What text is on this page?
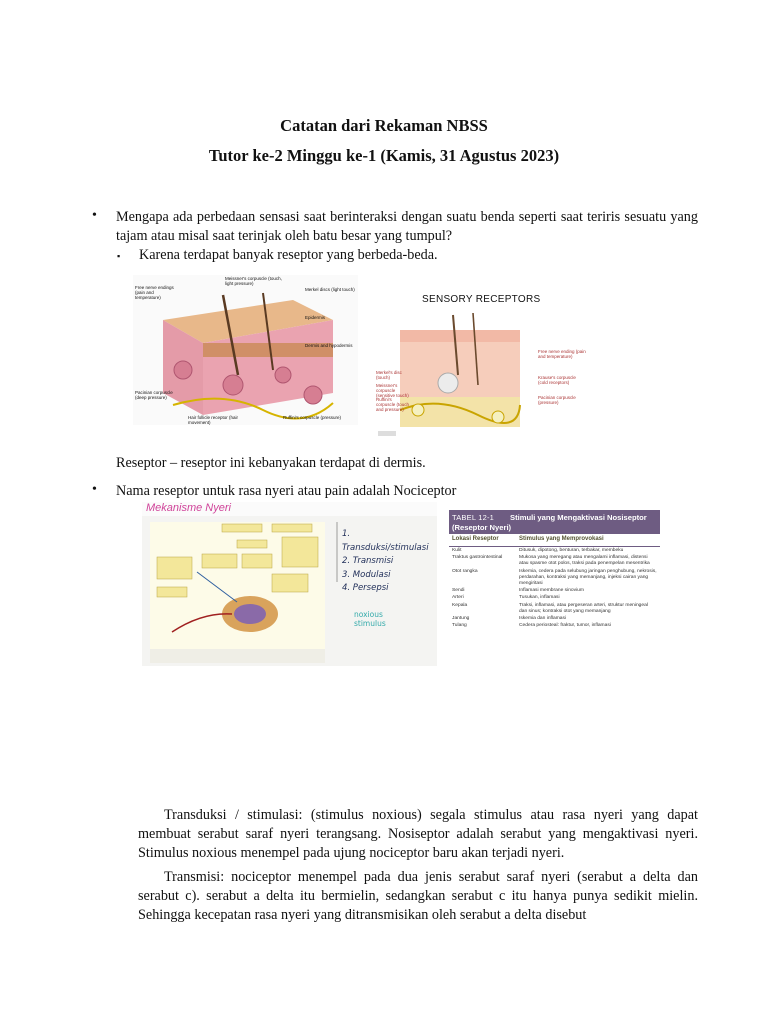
Catatan dari Rekaman NBSS
Tutor ke-2 Minggu ke-1 (Kamis, 31 Agustus 2023)
• Mengapa ada perbedaan sensasi saat berinteraksi dengan suatu benda seperti saat teriris sesuatu yang tajam atau misal saat terinjak oleh batu besar yang tumpul?
▪ Karena terdapat banyak reseptor yang berbeda-beda.
Free nerve endings (pain and temperature)
Meissner's corpuscle (touch, light pressure)
Merkel discs (light touch)
Epidermis
Dermis and hypodermis
Pacinian corpuscle (deep pressure)
Hair follicle receptor (hair movement)
Ruffini's corpuscle (pressure)
SENSORY RECEPTORS
Merkel's disc (touch)
Meissner's corpuscle (sensitive touch)
Ruffini's corpuscle (touch and pressure)
Free nerve ending (pain and temperature)
Krause's corpuscle (cold receptors)
Pacinian corpuscle (pressure)
Reseptor – reseptor ini kebanyakan terdapat di dermis.
• Nama reseptor untuk rasa nyeri atau pain adalah Nociceptor
Mekanisme Nyeri
1. Transduksi/stimulasi
2. Transmisi
3. Modulasi
4. Persepsi
noxious stimulus
TABEL 12-1	Stimuli yang Mengaktivasi Nosiseptor (Reseptor Nyeri)
Lokasi Reseptor	Stimulus yang Memprovokasi
Kulit	Ditusuk, dipotong, benturan, terbakar, membeku
Traktus gastrointestinal	Mukosa yang meregang atau mengalami inflamasi, distensi atau spasme otot polos, traksi pada penempelan mesentrika
Otot rangka	Iskemia, cedera pada selubung jaringan penghubung, nekrosis, perdarahan, kontraksi yang memanjang, injeksi cairan yang mengiritasi
Sendi	Inflamasi membrane sinovium
Arteri	Tusukan, inflamasi
Kepala	Traksi, inflamasi, atau pergeseran arteri, struktur meningeal dan sinus; kontraksi otot yang memanjang
Jantung	Iskemia dan inflamasi
Tulang	Cedera periosteal: fraktur, tumor, inflamasi
Transduksi / stimulasi: (stimulus noxious) segala stimulus atau rasa nyeri yang dapat membuat serabut saraf nyeri terangsang. Nosiseptor adalah serabut yang mengaktivasi nyeri. Stimulus noxious menempel pada ujung nociceptor baru akan terjadi nyeri.
Transmisi: nociceptor menempel pada dua jenis serabut saraf nyeri (serabut a delta dan serabut c). serabut a delta itu bermielin, sedangkan serabut c itu hanya punya sedikit mielin. Sehingga kecepatan rasa nyeri yang ditransmisikan oleh serabut a delta disebut
